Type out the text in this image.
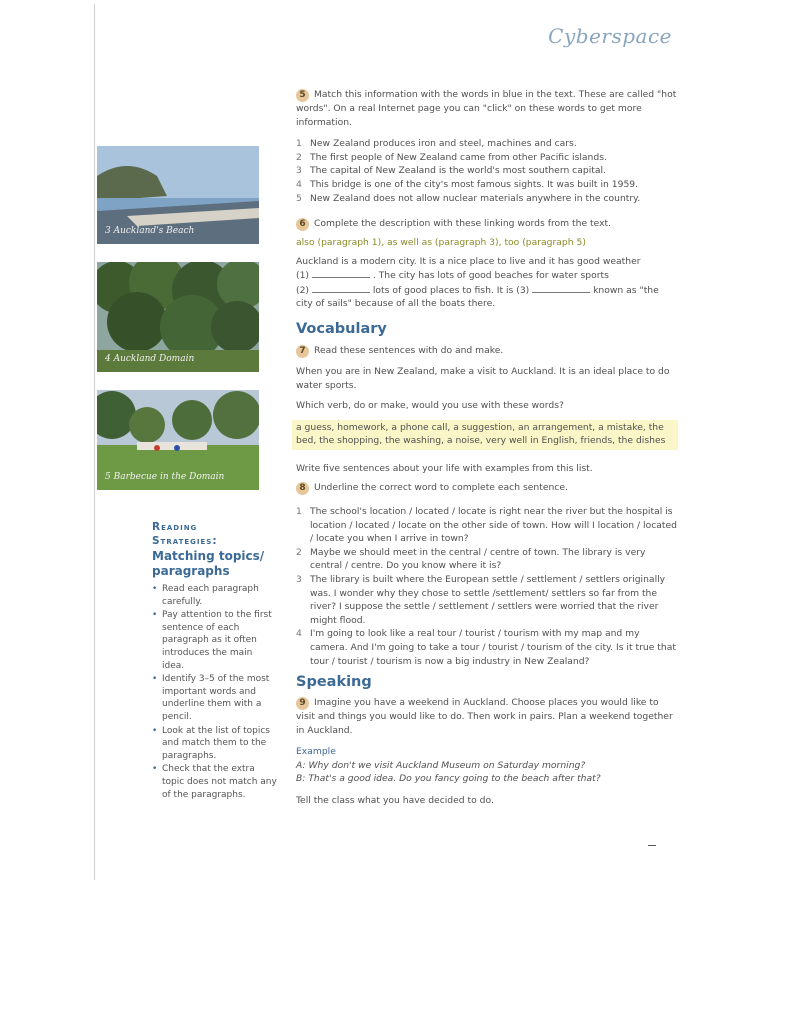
Cyberspace
3 Auckland's Beach
4 Auckland Domain
5 Barbecue in the Domain
Reading
Strategies:
Matching topics/ paragraphs
• Read each paragraph carefully.
• Pay attention to the first sentence of each paragraph as it often introduces the main idea.
• Identify 3–5 of the most important words and underline them with a pencil.
• Look at the list of topics and match them to the paragraphs.
• Check that the extra topic does not match any of the paragraphs.
5 Match this information with the words in blue in the text. These are called "hot words". On a real Internet page you can "click" on these words to get more information.
1 New Zealand produces iron and steel, machines and cars.
2 The first people of New Zealand came from other Pacific islands.
3 The capital of New Zealand is the world's most southern capital.
4 This bridge is one of the city's most famous sights. It was built in 1959.
5 New Zealand does not allow nuclear materials anywhere in the country.
6 Complete the description with these linking words from the text.
also (paragraph 1), as well as (paragraph 3), too (paragraph 5)
Auckland is a modern city. It is a nice place to live and it has good weather
(1)	. The city has lots of good beaches for water sports
(2)	lots of good places to fish. It is (3)	known as "the
city of sails" because of all the boats there.
Vocabulary
7 Read these sentences with do and make.
When you are in New Zealand, make a visit to Auckland. It is an ideal place to do water sports.
Which verb, do or make, would you use with these words?
a guess, homework, a phone call, a suggestion, an arrangement, a mistake, the bed, the shopping, the washing, a noise, very well in English, friends, the dishes
Write five sentences about your life with examples from this list.
8 Underline the correct word to complete each sentence.
1 The school's location / located / locate is right near the river but the hospital is location / located / locate on the other side of town. How will I location / located / locate you when I arrive in town?
2 Maybe we should meet in the central / centre of town. The library is very central / centre. Do you know where it is?
3 The library is built where the European settle / settlement / settlers originally was. I wonder why they chose to settle /settlement/ settlers so far from the river? I suppose the settle / settlement / settlers were worried that the river might flood.
4 I'm going to look like a real tour / tourist / tourism with my map and my camera. And I'm going to take a tour / tourist / tourism of the city. Is it true that tour / tourist / tourism is now a big industry in New Zealand?
Speaking
9 Imagine you have a weekend in Auckland. Choose places you would like to visit and things you would like to do. Then work in pairs. Plan a weekend together in Auckland.
Example
A: Why don't we visit Auckland Museum on Saturday morning?
B: That's a good idea. Do you fancy going to the beach after that?
Tell the class what you have decided to do.
